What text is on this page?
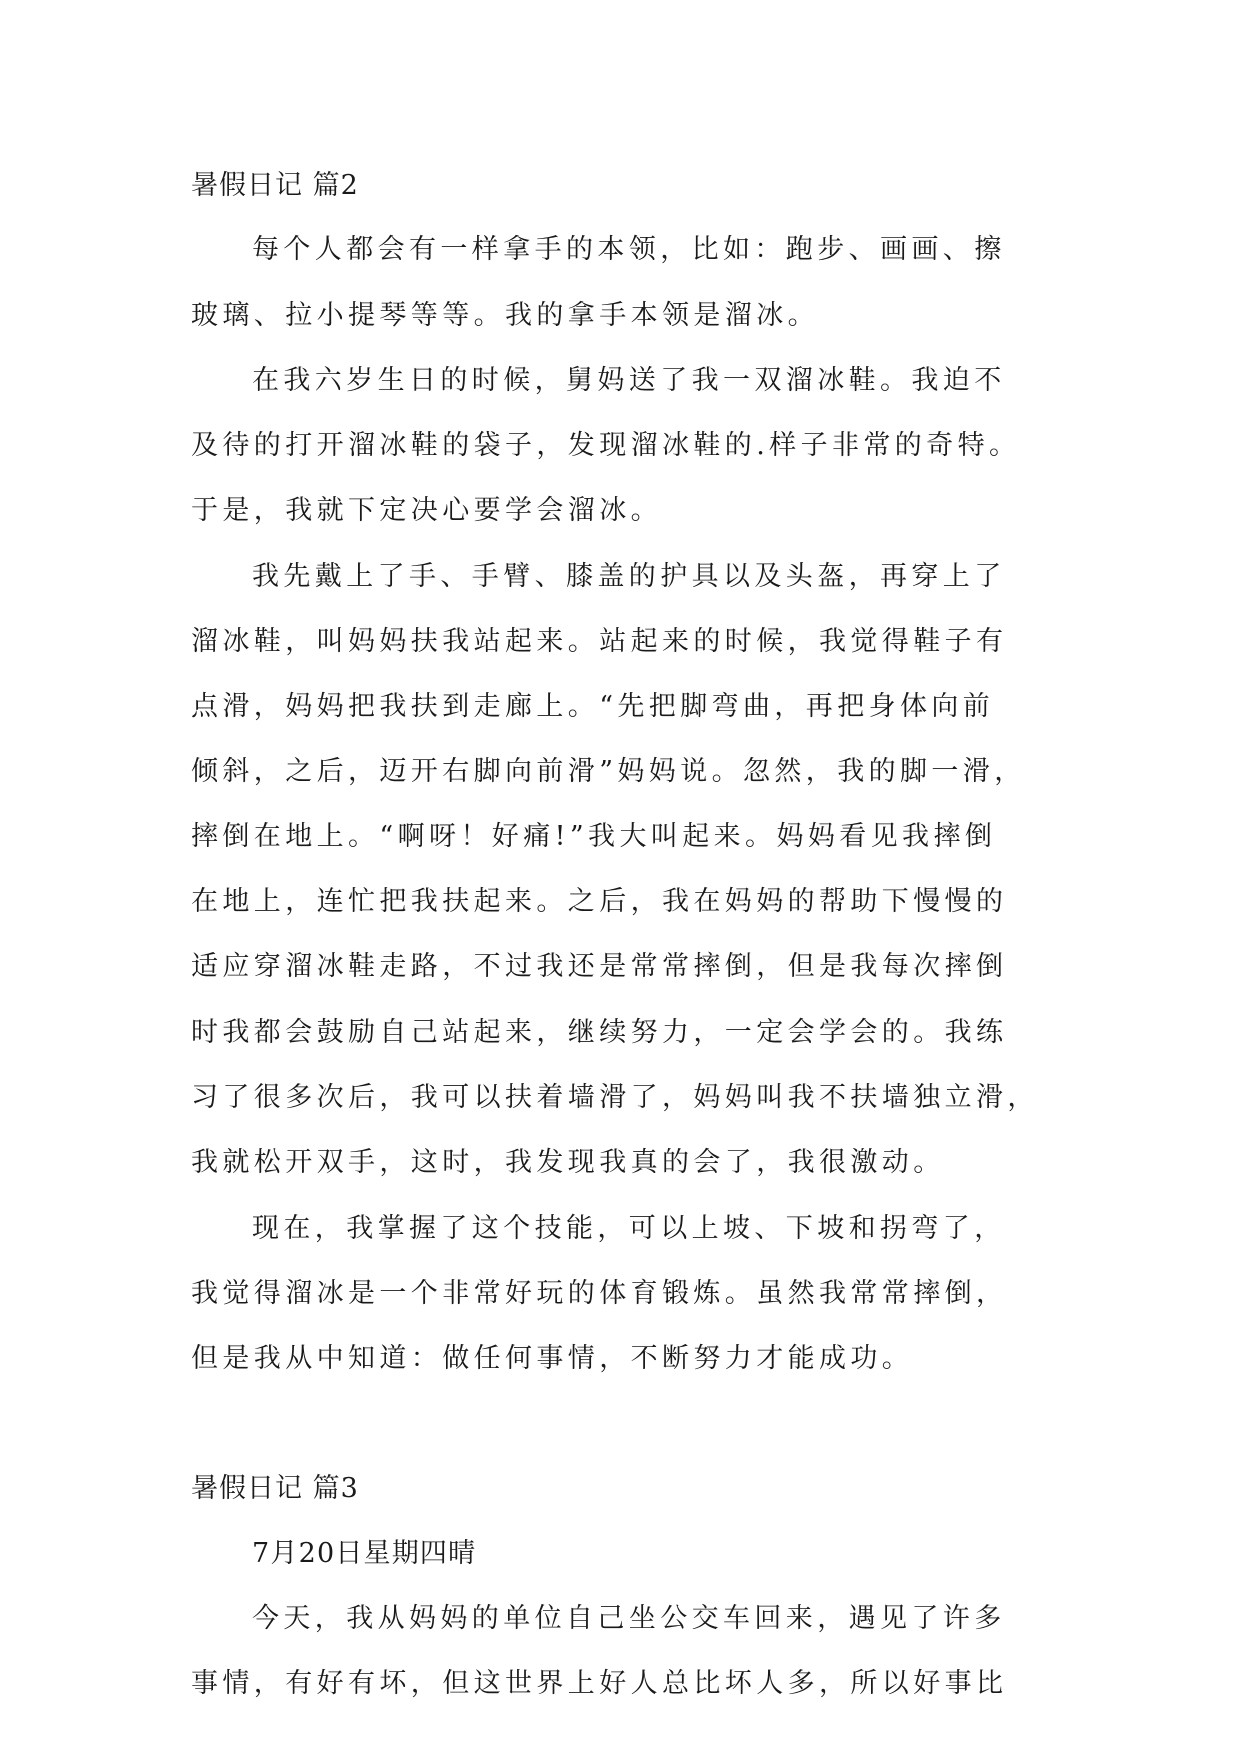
暑假日记 篇2
每个人都会有一样拿手的本领，比如：跑步、画画、擦
玻璃、拉小提琴等等。我的拿手本领是溜冰。
在我六岁生日的时候，舅妈送了我一双溜冰鞋。我迫不
及待的打开溜冰鞋的袋子，发现溜冰鞋的.样子非常的奇特。
于是，我就下定决心要学会溜冰。
我先戴上了手、手臂、膝盖的护具以及头盔，再穿上了
溜冰鞋，叫妈妈扶我站起来。站起来的时候，我觉得鞋子有
点滑，妈妈把我扶到走廊上。“先把脚弯曲，再把身体向前
倾斜，之后，迈开右脚向前滑”妈妈说。忽然，我的脚一滑，
摔倒在地上。“啊呀！好痛!”我大叫起来。妈妈看见我摔倒
在地上，连忙把我扶起来。之后，我在妈妈的帮助下慢慢的
适应穿溜冰鞋走路，不过我还是常常摔倒，但是我每次摔倒
时我都会鼓励自己站起来，继续努力，一定会学会的。我练
习了很多次后，我可以扶着墙滑了，妈妈叫我不扶墙独立滑，
我就松开双手，这时，我发现我真的会了，我很激动。
现在，我掌握了这个技能，可以上坡、下坡和拐弯了，
我觉得溜冰是一个非常好玩的体育锻炼。虽然我常常摔倒，
但是我从中知道：做任何事情，不断努力才能成功。
暑假日记 篇3
7月20日星期四晴
今天，我从妈妈的单位自己坐公交车回来，遇见了许多
事情，有好有坏，但这世界上好人总比坏人多，所以好事比
